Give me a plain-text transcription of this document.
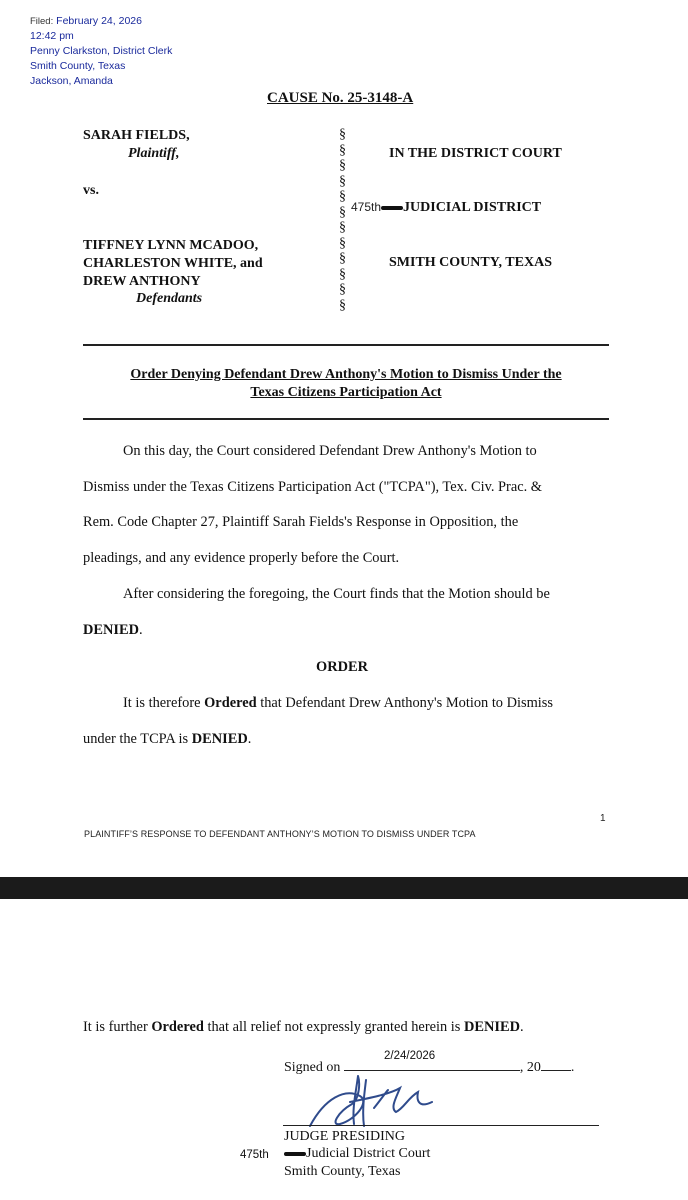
Filed: February 24, 2026
12:42 pm
Penny Clarkston, District Clerk
Smith County, Texas
Jackson, Amanda
CAUSE No. 25-3148-A
SARAH FIELDS,
Plaintiff,
vs.
TIFFNEY LYNN MCADOO,
CHARLESTON WHITE, and
DREW ANTHONY
Defendants
§
§
§
§
§
§
§
§
§
§
§
§
IN THE DISTRICT COURT
475th JUDICIAL DISTRICT
SMITH COUNTY, TEXAS
Order Denying Defendant Drew Anthony's Motion to Dismiss Under the
Texas Citizens Participation Act
On this day, the Court considered Defendant Drew Anthony's Motion to
Dismiss under the Texas Citizens Participation Act ("TCPA"), Tex. Civ. Prac. &
Rem. Code Chapter 27, Plaintiff Sarah Fields's Response in Opposition, the
pleadings, and any evidence properly before the Court.
After considering the foregoing, the Court finds that the Motion should be
DENIED.
ORDER
It is therefore Ordered that Defendant Drew Anthony's Motion to Dismiss
under the TCPA is DENIED.
1
PLAINTIFF’S RESPONSE TO DEFENDANT ANTHONY’S MOTION TO DISMISS UNDER TCPA
It is further Ordered that all relief not expressly granted herein is DENIED.
Signed on	, 20 .
2/24/2026
JUDGE PRESIDING
475th	Judicial District Court
Smith County, Texas
